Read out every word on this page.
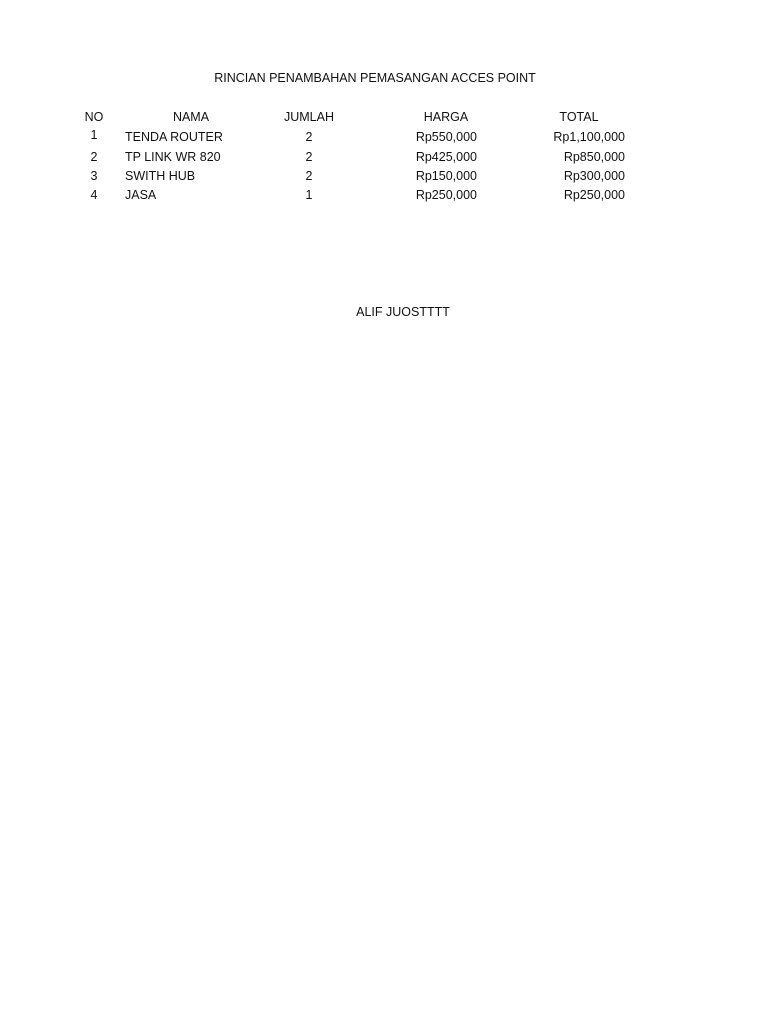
RINCIAN PENAMBAHAN PEMASANGAN ACCES POINT
NO	NAMA	JUMLAH	HARGA	TOTAL
1	TENDA ROUTER	2	Rp550,000	Rp1,100,000
2	TP LINK WR 820	2	Rp425,000	Rp850,000
3	SWITH HUB	2	Rp150,000	Rp300,000
4	JASA	1	Rp250,000	Rp250,000
ALIF JUOSTTTT
